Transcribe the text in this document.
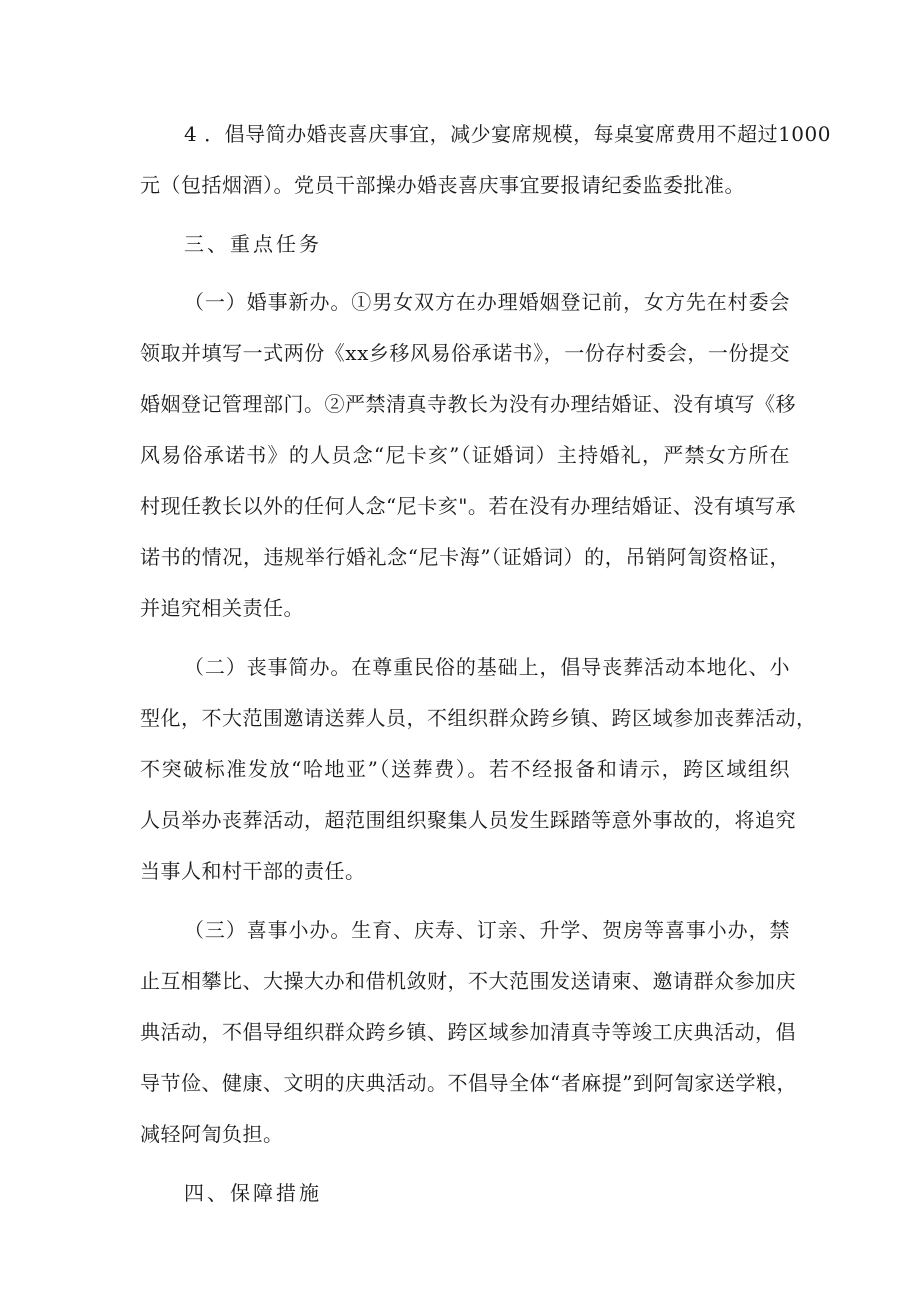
4 ．倡导简办婚丧喜庆事宜，减少宴席规模，每桌宴席费用不超过1000
元（包括烟酒）。党员干部操办婚丧喜庆事宜要报请纪委监委批准。
三、重点任务
（一）婚事新办。①男女双方在办理婚姻登记前，女方先在村委会
领取并填写一式两份《xx乡移风易俗承诺书》，一份存村委会，一份提交
婚姻登记管理部门。②严禁清真寺教长为没有办理结婚证、没有填写《移
风易俗承诺书》的人员念“尼卡亥”（证婚词）主持婚礼，严禁女方所在
村现任教长以外的任何人念“尼卡亥"。若在没有办理结婚证、没有填写承
诺书的情况，违规举行婚礼念“尼卡海”（证婚词）的，吊销阿訇资格证，
并追究相关责任。
（二）丧事简办。在尊重民俗的基础上，倡导丧葬活动本地化、小
型化，不大范围邀请送葬人员，不组织群众跨乡镇、跨区域参加丧葬活动，
不突破标准发放“哈地亚”（送葬费）。若不经报备和请示，跨区域组织
人员举办丧葬活动，超范围组织聚集人员发生踩踏等意外事故的，将追究
当事人和村干部的责任。
（三）喜事小办。生育、庆寿、订亲、升学、贺房等喜事小办，禁
止互相攀比、大操大办和借机敛财，不大范围发送请柬、邀请群众参加庆
典活动，不倡导组织群众跨乡镇、跨区域参加清真寺等竣工庆典活动，倡
导节俭、健康、文明的庆典活动。不倡导全体“者麻提”到阿訇家送学粮，
减轻阿訇负担。
四、保障措施
